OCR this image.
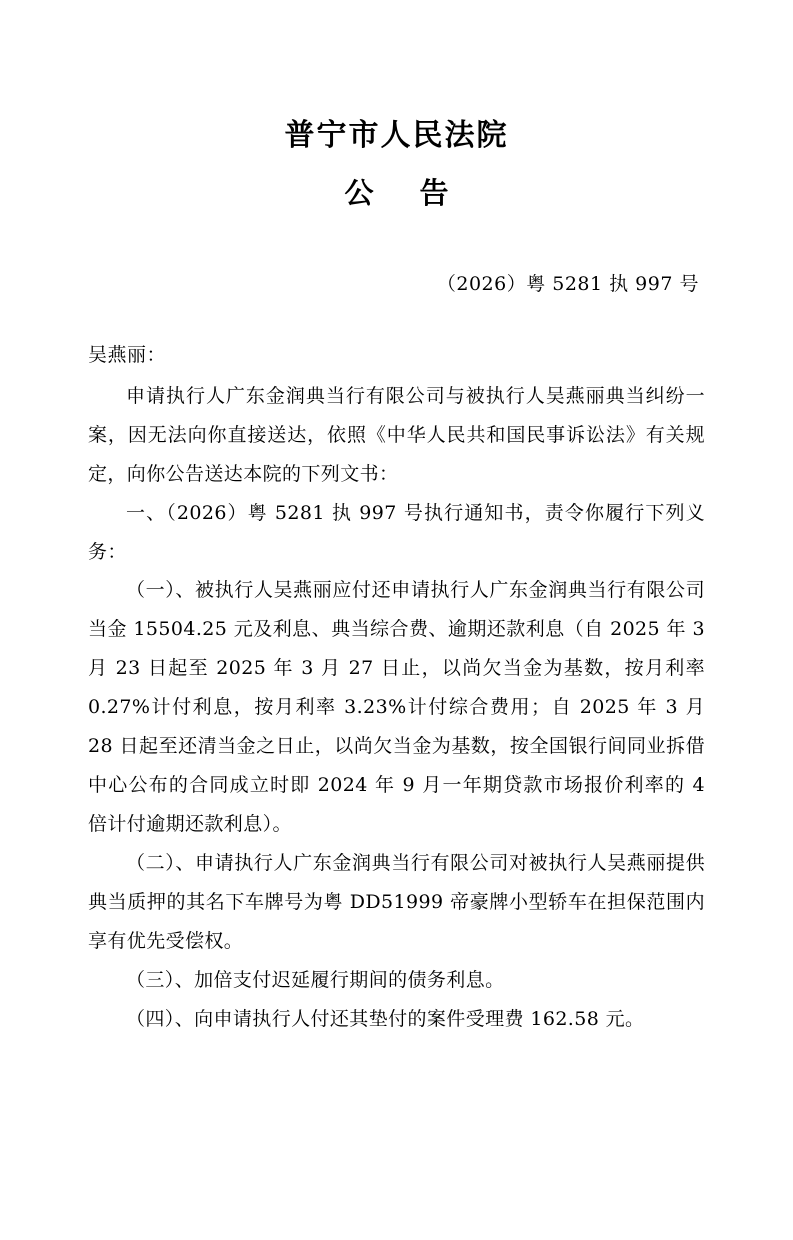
普宁市人民法院
公 告
（2026）粤 5281 执 997 号
吴燕丽：

申请执行人广东金润典当行有限公司与被执行人吴燕丽典当纠纷一案，因无法向你直接送达，依照《中华人民共和国民事诉讼法》有关规定，向你公告送达本院的下列文书：

一、（2026）粤 5281 执 997 号执行通知书，责令你履行下列义务：

（一）、被执行人吴燕丽应付还申请执行人广东金润典当行有限公司当金 15504.25 元及利息、典当综合费、逾期还款利息（自 2025 年 3 月 23 日起至 2025 年 3 月 27 日止，以尚欠当金为基数，按月利率 0.27%计付利息，按月利率 3.23%计付综合费用；自 2025 年 3 月 28 日起至还清当金之日止，以尚欠当金为基数，按全国银行间同业拆借中心公布的合同成立时即 2024 年 9 月一年期贷款市场报价利率的 4 倍计付逾期还款利息）。

（二）、申请执行人广东金润典当行有限公司对被执行人吴燕丽提供典当质押的其名下车牌号为粤 DD51999 帝豪牌小型轿车在担保范围内享有优先受偿权。

（三）、加倍支付迟延履行期间的债务利息。

（四）、向申请执行人付还其垫付的案件受理费 162.58 元。
